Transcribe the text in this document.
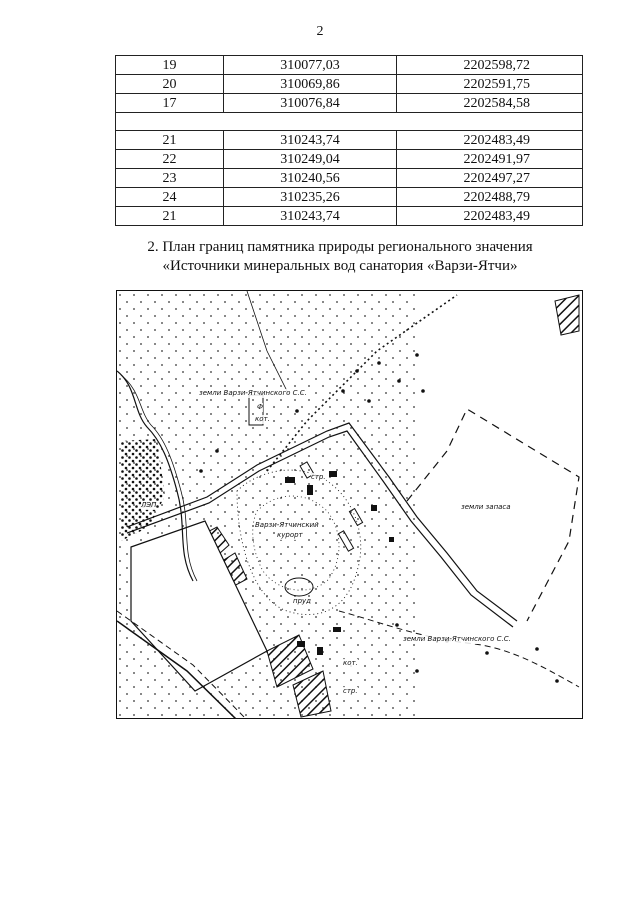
2
19	310077,03	2202598,72
20	310069,86	2202591,75
17	310076,84	2202584,58

21	310243,74	2202483,49
22	310249,04	2202491,97
23	310240,56	2202497,27
24	310235,26	2202488,79
21	310243,74	2202483,49
2. План границ памятника природы регионального значения
«Источники минеральных вод санатория «Варзи-Ятчи»
земли Варзи-Ятчинского С.С.
кот.
стр.
Варзи-Ятчинский
курорт
земли запаса
пруд
земли Варзи-Ятчинского С.С.
кот.
стр.
Ф
ЛЭП
